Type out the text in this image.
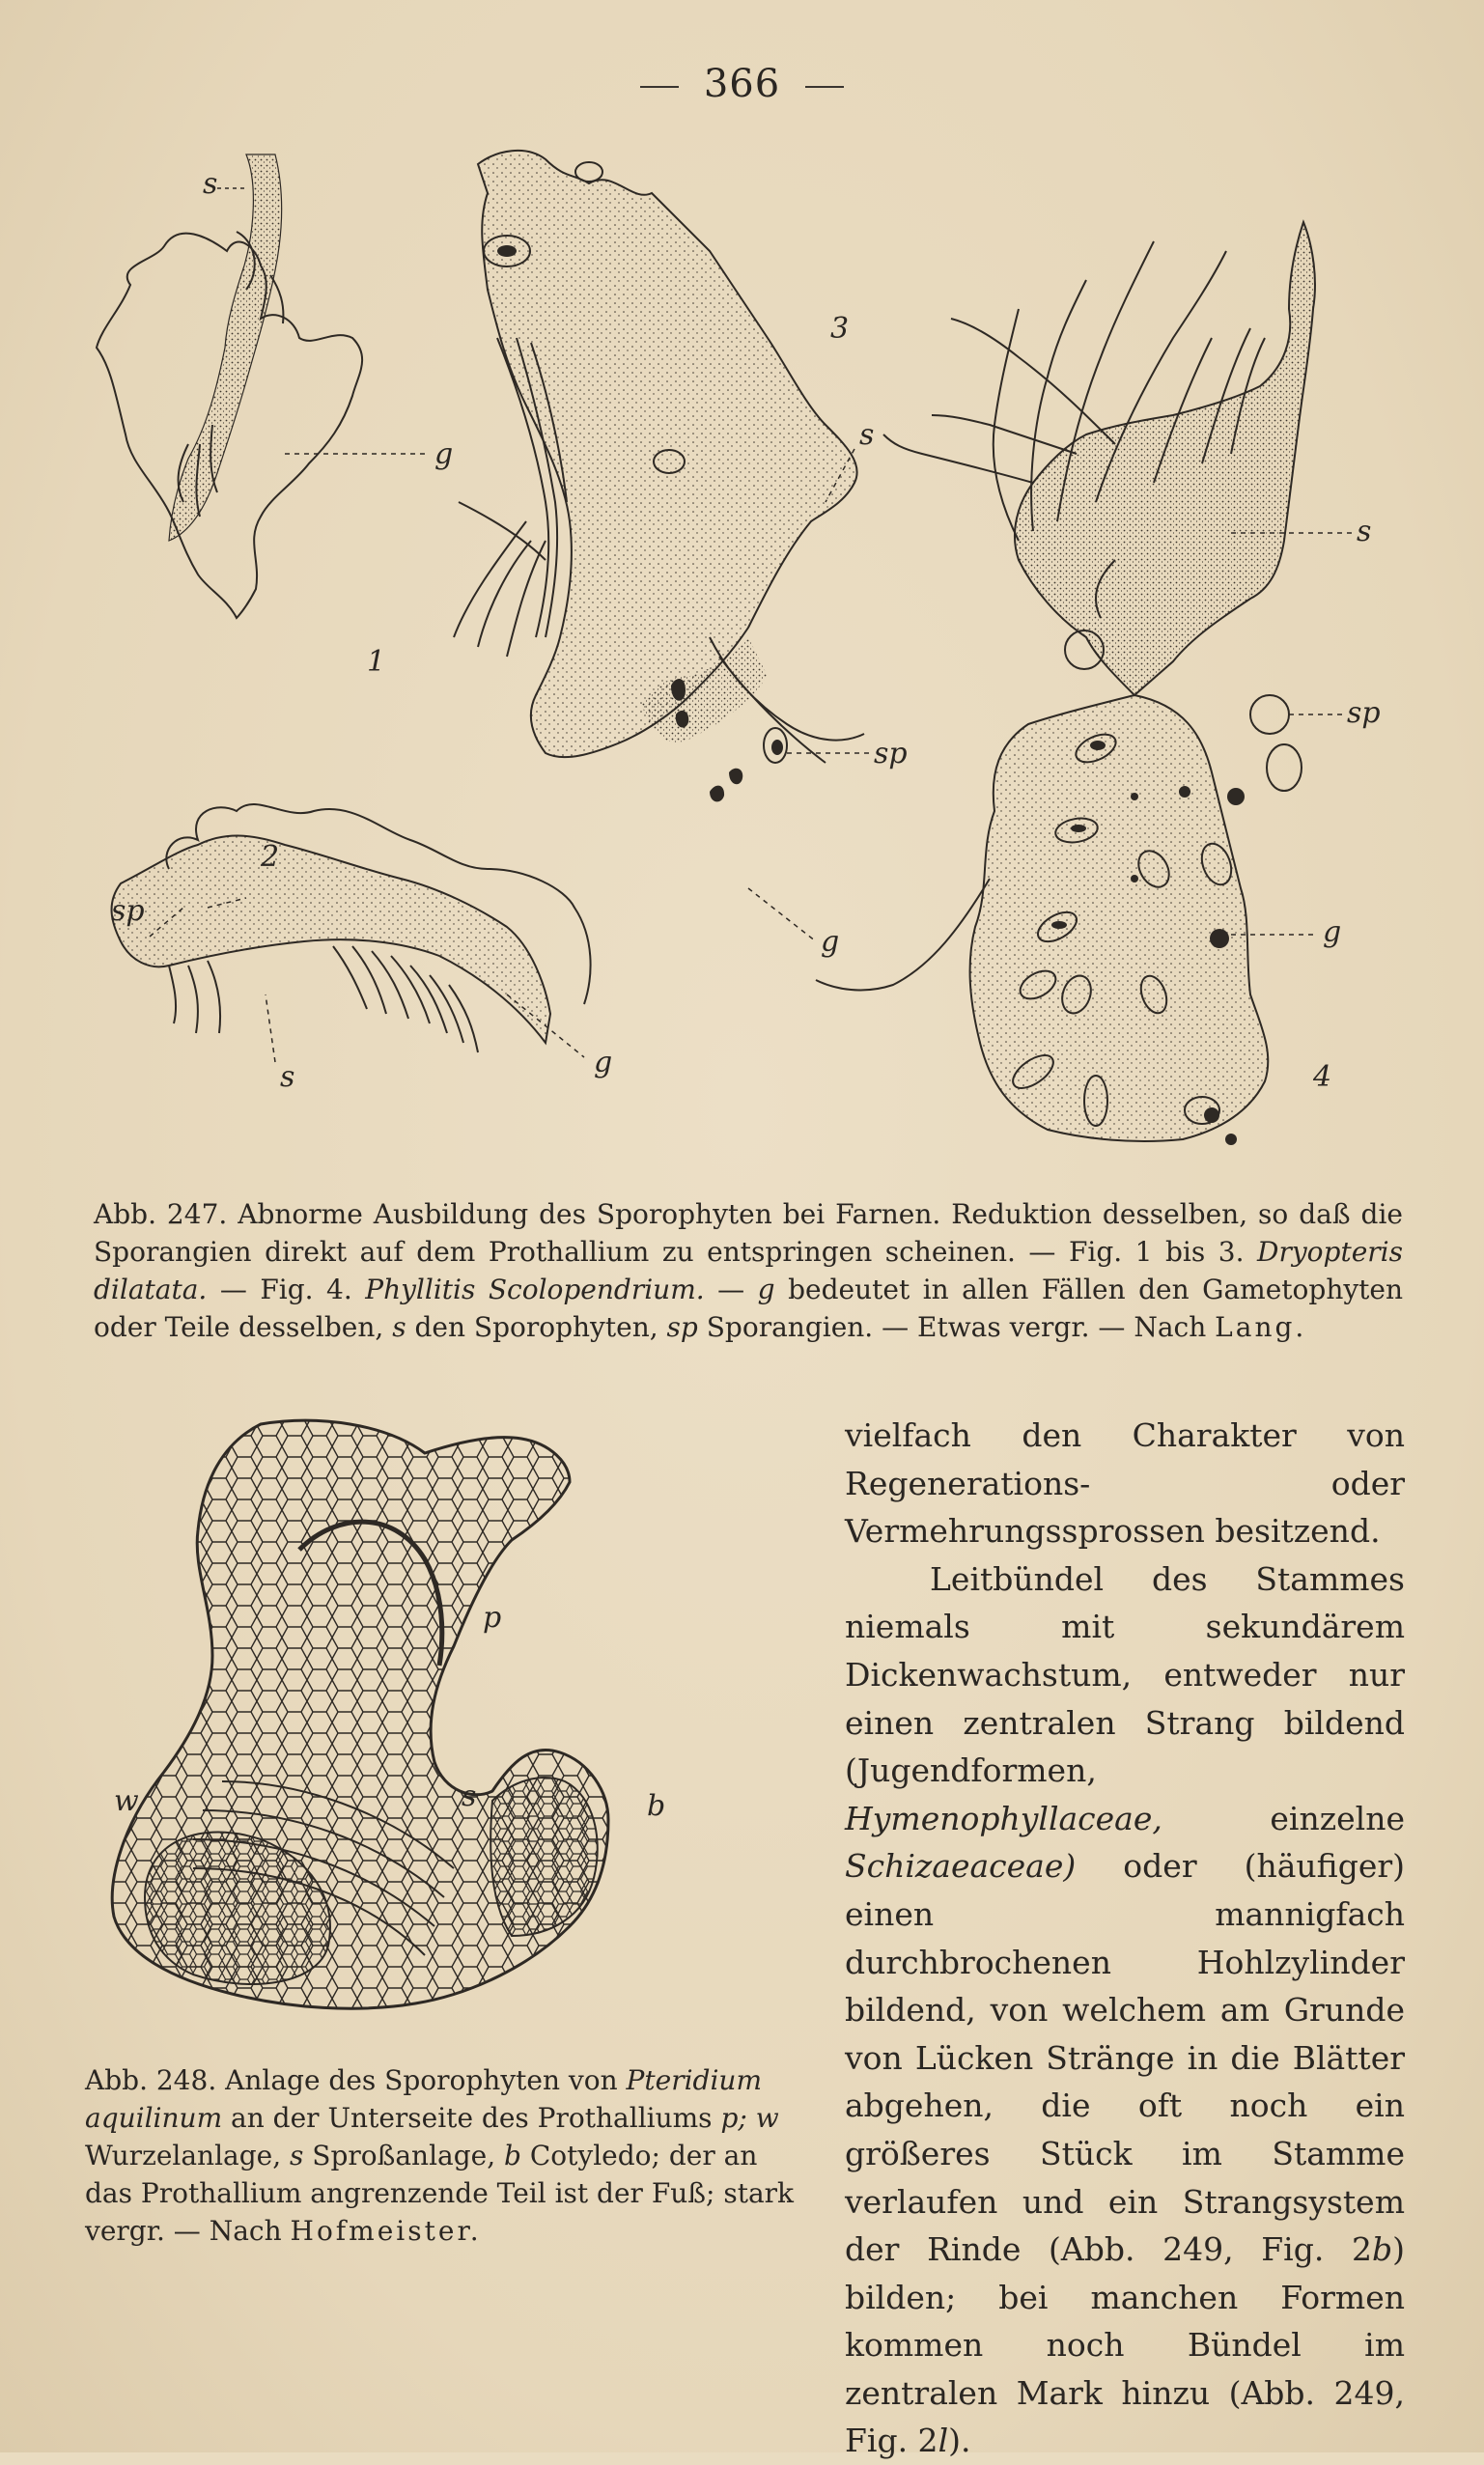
366
s
g
1
3
s
sp
g
2
sp
s	g
s
sp
g
4
Abb. 247. Abnorme Ausbildung des Sporophyten bei Farnen. Reduktion desselben, so daß die Sporangien direkt auf dem Prothallium zu entspringen scheinen. — Fig. 1 bis 3. Dryopteris dilatata. — Fig. 4. Phyllitis Scolopendrium. — g bedeutet in allen Fällen den Gametophyten oder Teile desselben, s den Sporophyten, sp Sporangien. — Etwas vergr. — Nach Lang.
p
w	s	b
Abb. 248. Anlage des Sporophyten von Pteridium aquilinum an der Unterseite des Prothalliums p; w Wurzelanlage, s Sproßanlage, b Cotyledo; der an das Prothallium angrenzende Teil ist der Fuß; stark vergr. — Nach Hofmeister.

vielfach den Charakter von Regenerations- oder Vermehrungssprossen besitzend.

Leitbündel des Stammes niemals mit sekundärem Dickenwachstum, entweder nur einen zentralen Strang bildend (Jugendformen, Hymenophyllaceae,	einzelne Schizaeaceae) oder (häufiger) einen mannigfach durchbrochenen Hohlzylinder bildend, von welchem am Grunde von Lücken Stränge in die Blätter abgehen, die oft noch ein größeres Stück im Stamme verlaufen und ein Strangsystem der Rinde (Abb. 249, Fig. 2b) bilden; bei manchen Formen kommen noch Bündel im zentralen Mark hinzu (Abb. 249, Fig. 2l).
